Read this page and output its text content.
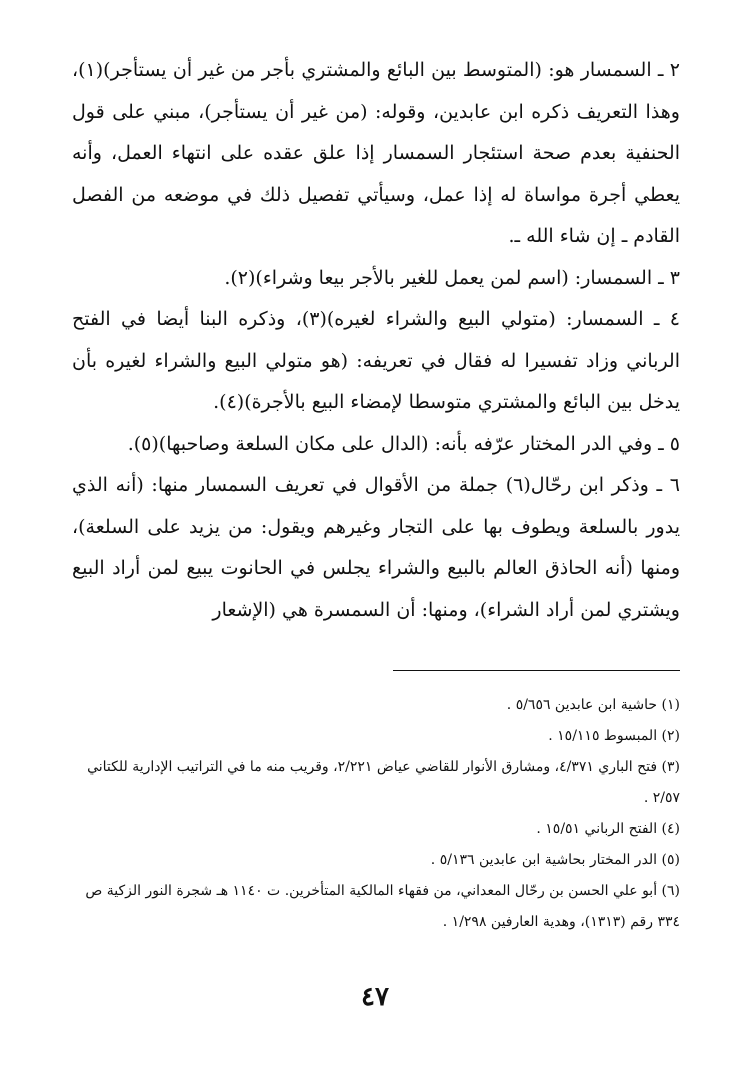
٢ ـ السمسار هو: (المتوسط بين البائع والمشتري بأجر من غير أن يستأجر)(١)، وهذا التعريف ذكره ابن عابدين، وقوله: (من غير أن يستأجر)، مبني على قول الحنفية بعدم صحة استئجار السمسار إذا علق عقده على انتهاء العمل، وأنه يعطي أجرة مواساة له إذا عمل، وسيأتي تفصيل ذلك في موضعه من الفصل القادم ـ إن شاء الله ـ.

٣ ـ السمسار: (اسم لمن يعمل للغير بالأجر بيعا وشراء)(٢).

٤ ـ السمسار: (متولي البيع والشراء لغيره)(٣)، وذكره البنا أيضا في الفتح الرباني وزاد تفسيرا له فقال في تعريفه: (هو متولي البيع والشراء لغيره بأن يدخل بين البائع والمشتري متوسطا لإمضاء البيع بالأجرة)(٤).

٥ ـ وفي الدر المختار عرّفه بأنه: (الدال على مكان السلعة وصاحبها)(٥).

٦ ـ وذكر ابن رحّال(٦) جملة من الأقوال في تعريف السمسار منها: (أنه الذي يدور بالسلعة ويطوف بها على التجار وغيرهم ويقول: من يزيد على السلعة)، ومنها (أنه الحاذق العالم بالبيع والشراء يجلس في الحانوت يبيع لمن أراد البيع ويشتري لمن أراد الشراء)، ومنها: أن السمسرة هي (الإشعار

(١) حاشية ابن عابدين ٥/٦٥٦ .

(٢) المبسوط ١٥/١١٥ .

(٣) فتح الباري ٤/٣٧١، ومشارق الأنوار للقاضي عياض ٢/٢٢١، وقريب منه ما في التراتيب الإدارية للكتاني ٢/٥٧ .

(٤) الفتح الرباني ١٥/٥١ .

(٥) الدر المختار بحاشية ابن عابدين ٥/١٣٦ .

(٦) أبو علي الحسن بن رحّال المعداني، من فقهاء المالكية المتأخرين. ت ١١٤٠ هـ شجرة النور الزكية ص ٣٣٤ رقم (١٣١٣)، وهدية العارفين ١/٢٩٨ .

٤٧
